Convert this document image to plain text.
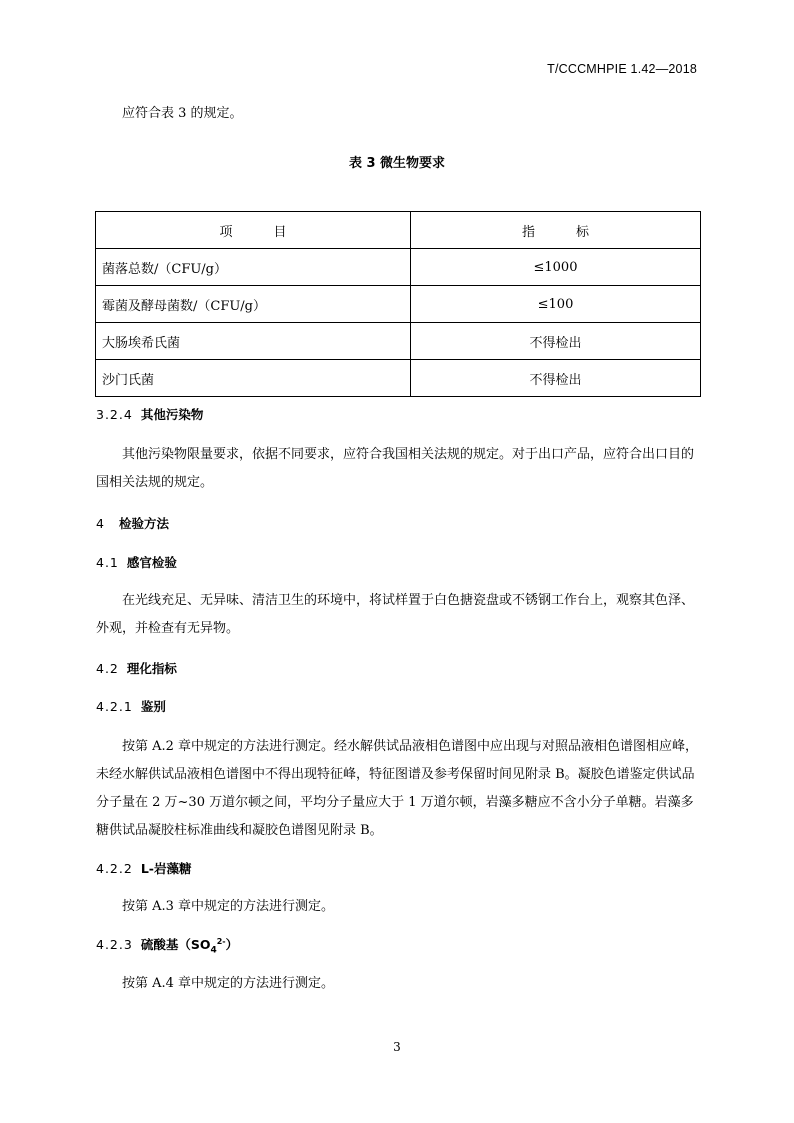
T/CCCMHPIE 1.42—2018
应符合表 3 的规定。
表 3 微生物要求
项　目	指　标
菌落总数/（CFU/g）	≤1000
霉菌及酵母菌数/（CFU/g）	≤100
大肠埃希氏菌	不得检出
沙门氏菌	不得检出
3.2.4 其他污染物
其他污染物限量要求，依据不同要求，应符合我国相关法规的规定。对于出口产品，应符合出口目的国相关法规的规定。
4 检验方法
4.1 感官检验
在光线充足、无异味、清洁卫生的环境中，将试样置于白色搪瓷盘或不锈钢工作台上，观察其色泽、外观，并检查有无异物。
4.2 理化指标
4.2.1 鉴别
按第 A.2 章中规定的方法进行测定。经水解供试品液相色谱图中应出现与对照品液相色谱图相应峰，未经水解供试品液相色谱图中不得出现特征峰，特征图谱及参考保留时间见附录 B。凝胶色谱鉴定供试品分子量在 2 万~30 万道尔顿之间，平均分子量应大于 1 万道尔顿，岩藻多糖应不含小分子单糖。岩藻多糖供试品凝胶柱标准曲线和凝胶色谱图见附录 B。
4.2.2 L-岩藻糖
按第 A.3 章中规定的方法进行测定。
4.2.3 硫酸基$(SO_4^{2-})$
按第 A.4 章中规定的方法进行测定。
3
